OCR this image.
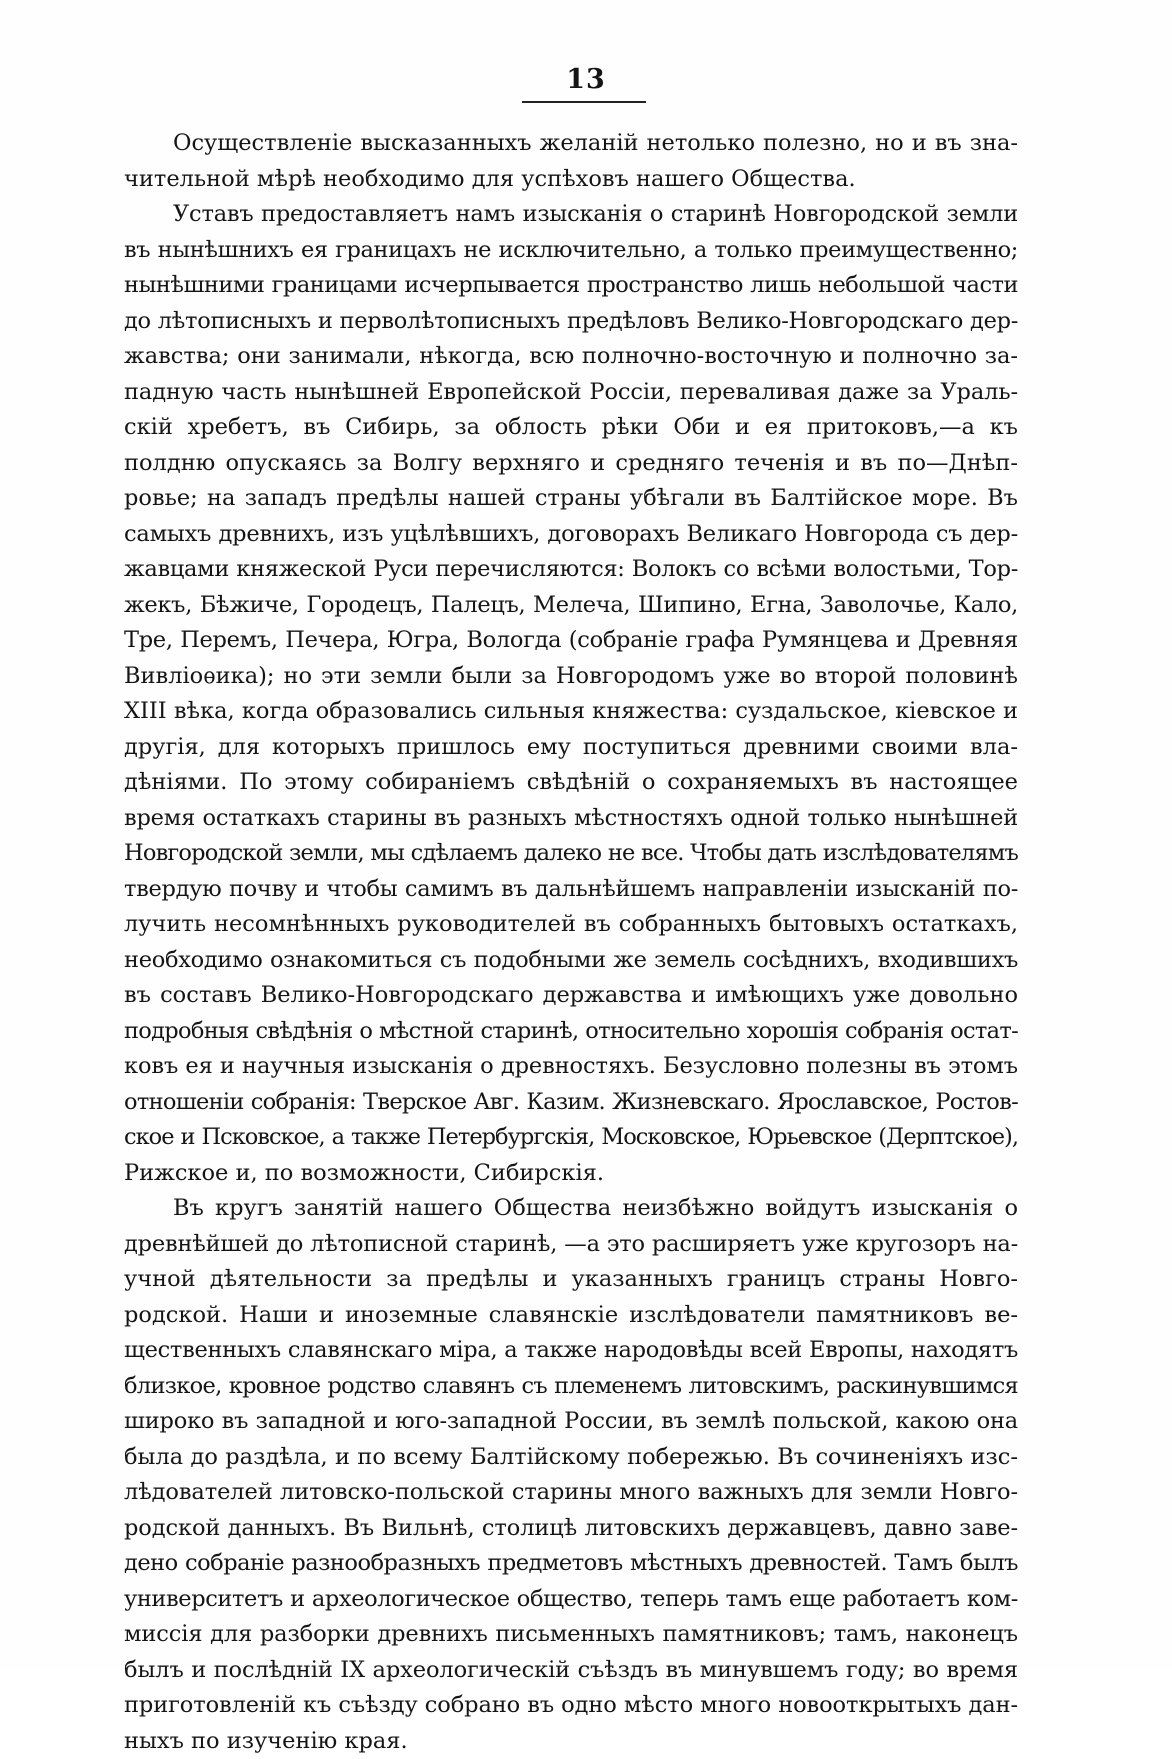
13
Осуществленіе высказанныхъ желаній нетолько полезно, но и въ зна-
чительной мѣрѣ необходимо для успѣховъ нашего Общества.
Уставъ предоставляетъ намъ изысканія о старинѣ Новгородской земли
въ нынѣшнихъ ея границахъ не исключительно, а только преимущественно;
нынѣшними границами исчерпывается пространство лишь небольшой части
до лѣтописныхъ и перволѣтописныхъ предѣловъ Велико-Новгородскаго дер-
жавства; они занимали, нѣкогда, всю полночно-восточную и полночно за-
падную часть нынѣшней Европейской Россіи, переваливая даже за Ураль-
скій хребетъ, въ Сибирь, за облость рѣки Оби и ея притоковъ,—а къ
полдню опускаясь за Волгу верхняго и средняго теченія и въ по—Днѣп-
ровье; на западъ предѣлы нашей страны убѣгали въ Балтійское море. Въ
самыхъ древнихъ, изъ уцѣлѣвшихъ, договорахъ Великаго Новгорода съ дер-
жавцами княжеской Руси перечисляются: Волокъ со всѣми волостьми, Тор-
жекъ, Бѣжиче, Городецъ, Палецъ, Мелеча, Шипино, Егна, Заволочье, Кало,
Тре, Перемъ, Печера, Югра, Вологда (собраніе графа Румянцева и Древняя
Вивліоѳика); но эти земли были за Новгородомъ уже во второй половинѣ
XIII вѣка, когда образовались сильныя княжества: суздальское, кіевское и
другія, для которыхъ пришлось ему поступиться древними своими вла-
дѣніями. По этому собираніемъ свѣдѣній о сохраняемыхъ въ настоящее
время остаткахъ старины въ разныхъ мѣстностяхъ одной только нынѣшней
Новгородской земли, мы сдѣлаемъ далеко не все. Чтобы дать изслѣдователямъ
твердую почву и чтобы самимъ въ дальнѣйшемъ направленіи изысканій по-
лучить несомнѣнныхъ руководителей въ собранныхъ бытовыхъ остаткахъ,
необходимо ознакомиться съ подобными же земель сосѣднихъ, входившихъ
въ составъ Велико-Новгородскаго державства и имѣющихъ уже довольно
подробныя свѣдѣнія о мѣстной старинѣ, относительно хорошія собранія остат-
ковъ ея и научныя изысканія о древностяхъ. Безусловно полезны въ этомъ
отношеніи собранія: Тверское Авг. Казим. Жизневскаго. Ярославское, Ростов-
ское и Псковское, а также Петербургскія, Московское, Юрьевское (Дерптское),
Рижское и, по возможности, Сибирскія.
Въ кругъ занятій нашего Общества неизбѣжно войдутъ изысканія о
древнѣйшей до лѣтописной старинѣ, —а это расширяетъ уже кругозоръ на-
учной дѣятельности за предѣлы и указанныхъ границъ страны Новго-
родской. Наши и иноземные славянскіе изслѣдователи памятниковъ ве-
щественныхъ славянскаго міра, а также народовѣды всей Европы, находятъ
близкое, кровное родство славянъ съ племенемъ литовскимъ, раскинувшимся
широко въ западной и юго-западной России, въ землѣ польской, какою она
была до раздѣла, и по всему Балтійскому побережью. Въ сочиненіяхъ изс-
лѣдователей литовско-польской старины много важныхъ для земли Новго-
родской данныхъ. Въ Вильнѣ, столицѣ литовскихъ державцевъ, давно заве-
дено собраніе разнообразныхъ предметовъ мѣстныхъ древностей. Тамъ былъ
университетъ и археологическое общество, теперь тамъ еще работаетъ ком-
миссія для разборки древнихъ письменныхъ памятниковъ; тамъ, наконецъ
былъ и послѣдній IX археологическій съѣздъ въ минувшемъ году; во время
приготовленій къ съѣзду собрано въ одно мѣсто много новооткрытыхъ дан-
ныхъ по изученію края.
